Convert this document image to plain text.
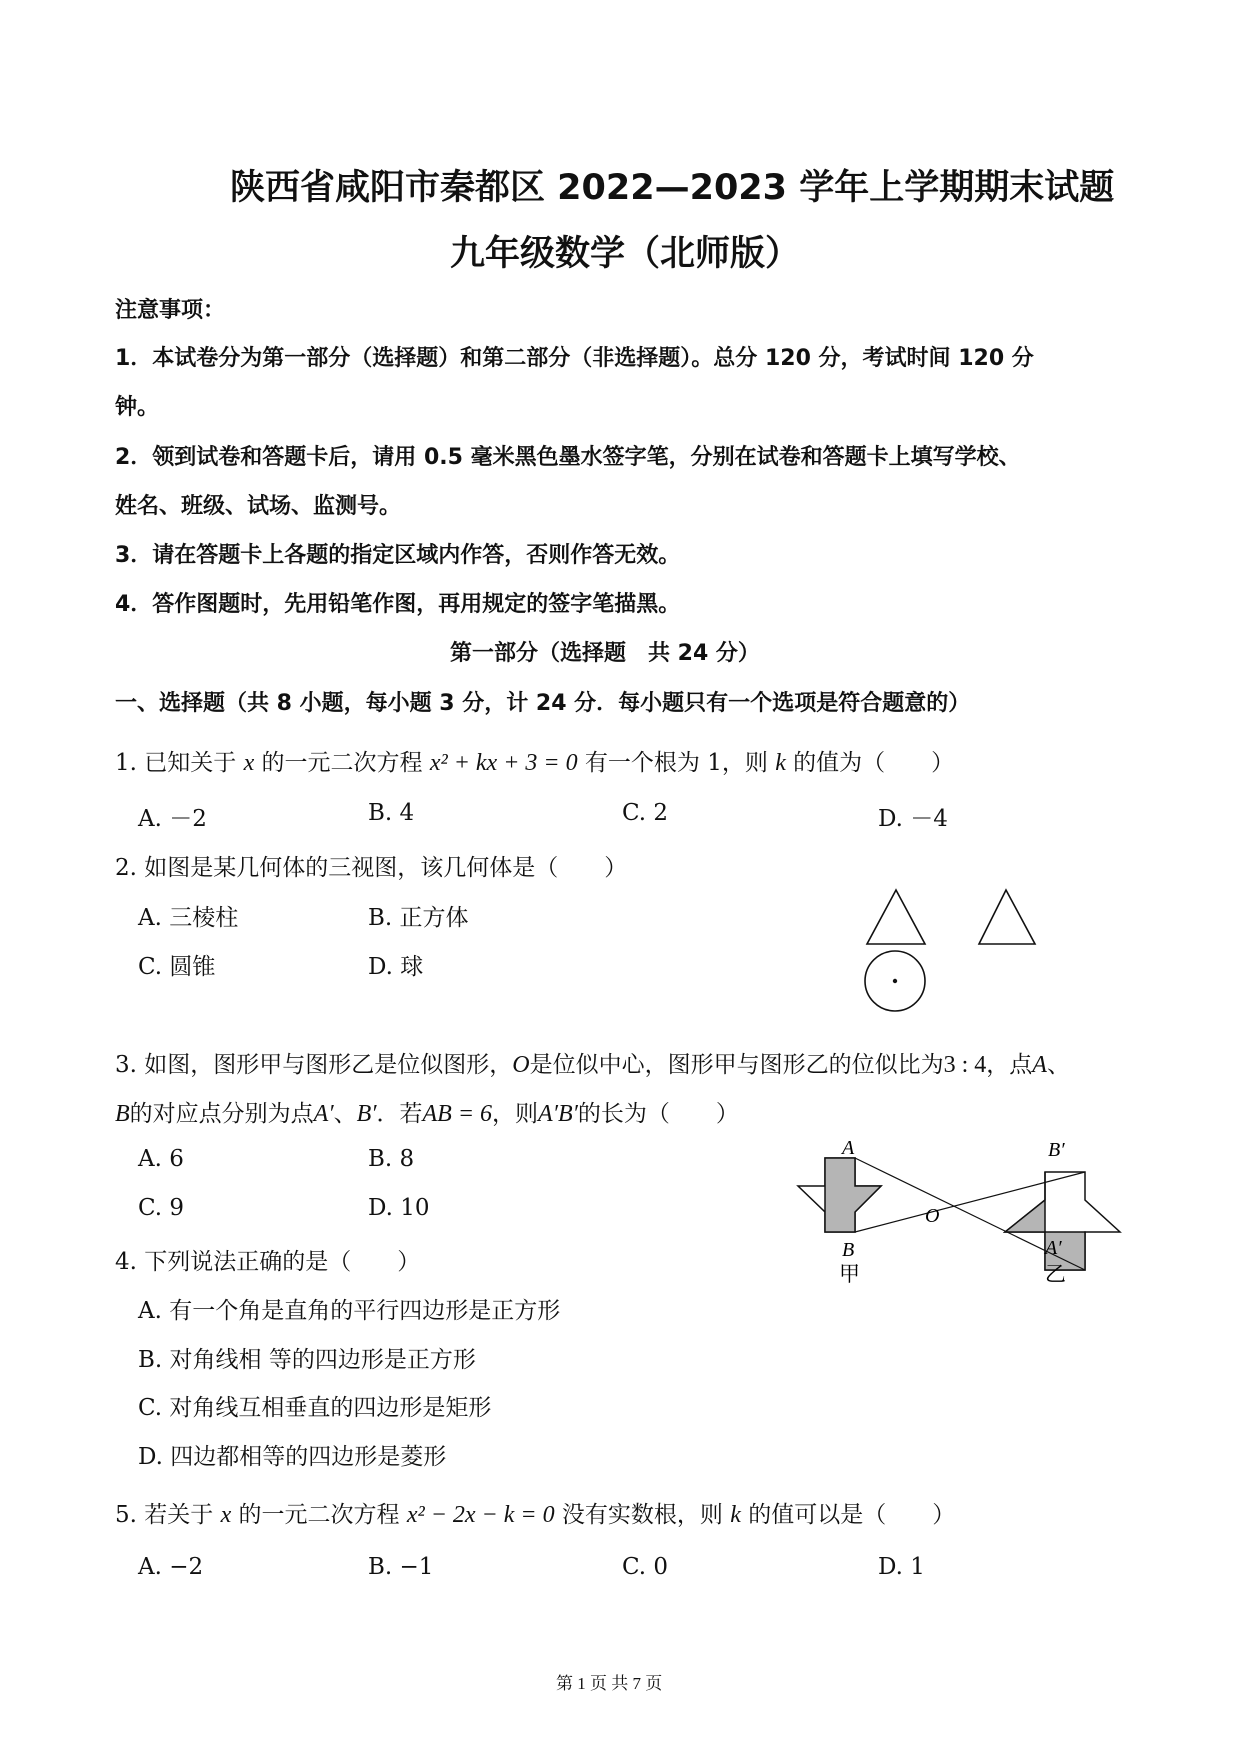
陕西省咸阳市秦都区 2022—2023 学年上学期期末试题
九年级数学（北师版）
注意事项：
1．本试卷分为第一部分（选择题）和第二部分（非选择题）。总分 120 分，考试时间 120 分
钟。
2．领到试卷和答题卡后，请用 0.5 毫米黑色墨水签字笔，分别在试卷和答题卡上填写学校、
姓名、班级、试场、监测号。
3．请在答题卡上各题的指定区域内作答，否则作答无效。
4．答作图题时，先用铅笔作图，再用规定的签字笔描黑。
第一部分（选择题　共 24 分）
一、选择题（共 8 小题，每小题 3 分，计 24 分．每小题只有一个选项是符合题意的）
1. 已知关于 x 的一元二次方程 x² + kx + 3 = 0 有一个根为 1，则 k 的值为（　　）
A. －2	B. 4	C. 2	D. －4
2. 如图是某几何体的三视图，该几何体是（　　）
A. 三棱柱	B. 正方体
C. 圆锥	D. 球
3. 如图，图形甲与图形乙是位似图形，O是位似中心，图形甲与图形乙的位似比为3 : 4，点A、
B的对应点分别为点A′、B′．若AB = 6，则A′B′的长为（　　）
A. 6	B. 8
C. 9	D. 10
A
B
O
A′
B′
甲	乙
4. 下列说法正确的是（　　）
A. 有一个角是直角的平行四边形是正方形
B. 对角线相 等的四边形是正方形
C. 对角线互相垂直的四边形是矩形
D. 四边都相等的四边形是菱形
5. 若关于 x 的一元二次方程 x² − 2x − k = 0 没有实数根，则 k 的值可以是（　　）
A. −2	B. −1	C. 0	D. 1
第 1 页 共 7 页
